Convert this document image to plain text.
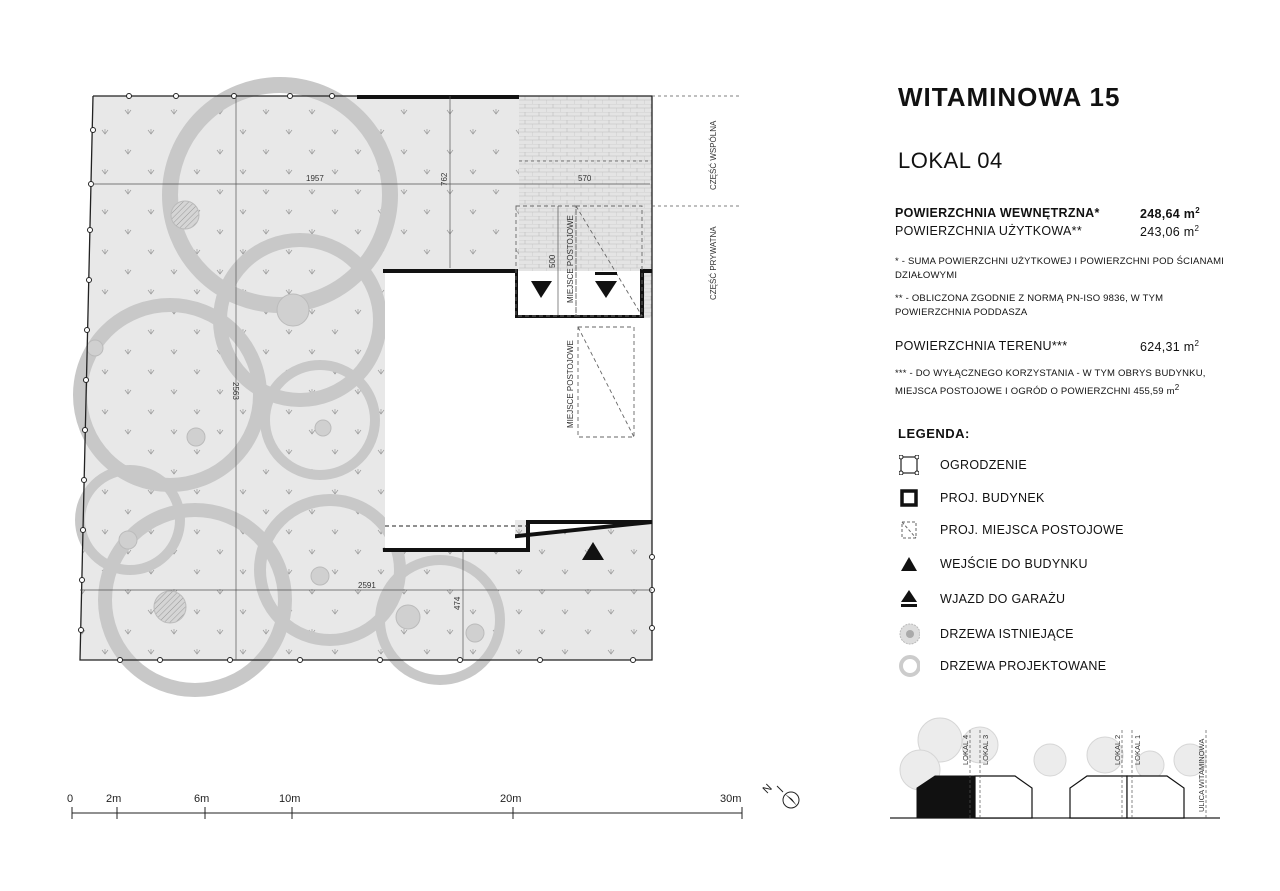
1957	762	570
500
2563
2591
474
MIEJSCE POSTOJOWE
MIEJSCE POSTOJOWE
CZĘŚĆ WSPÓLNA
CZĘŚĆ PRYWATNA
0	2m	6m	10m	20m	30m
N
WITAMINOWA 15
LOKAL 04
POWIERZCHNIA WEWNĘTRZNA*	248,64 $m^2$
POWIERZCHNIA UŻYTKOWA**	243,06 $m^2$
* - SUMA POWIERZCHNI UŻYTKOWEJ I POWIERZCHNI POD ŚCIANAMI DZIAŁOWYMI
** - OBLICZONA ZGODNIE Z NORMĄ PN-ISO 9836, W TYM POWIERZCHNIA PODDASZA
POWIERZCHNIA TERENU***	624,31 $m^2$
*** - DO WYŁĄCZNEGO KORZYSTANIA - W TYM OBRYS BUDYNKU, MIEJSCA POSTOJOWE I OGRÓD O POWIERZCHNI 455,59 $m^2$
LEGENDA:
OGRODZENIE
PROJ. BUDYNEK
PROJ. MIEJSCA POSTOJOWE
WEJŚCIE DO BUDYNKU
WJAZD DO GARAŻU
DRZEWA ISTNIEJĄCE
DRZEWA PROJEKTOWANE
LOKAL 4 LOKAL 3	LOKAL 2 LOKAL 1	ULICA WITAMINOWA
